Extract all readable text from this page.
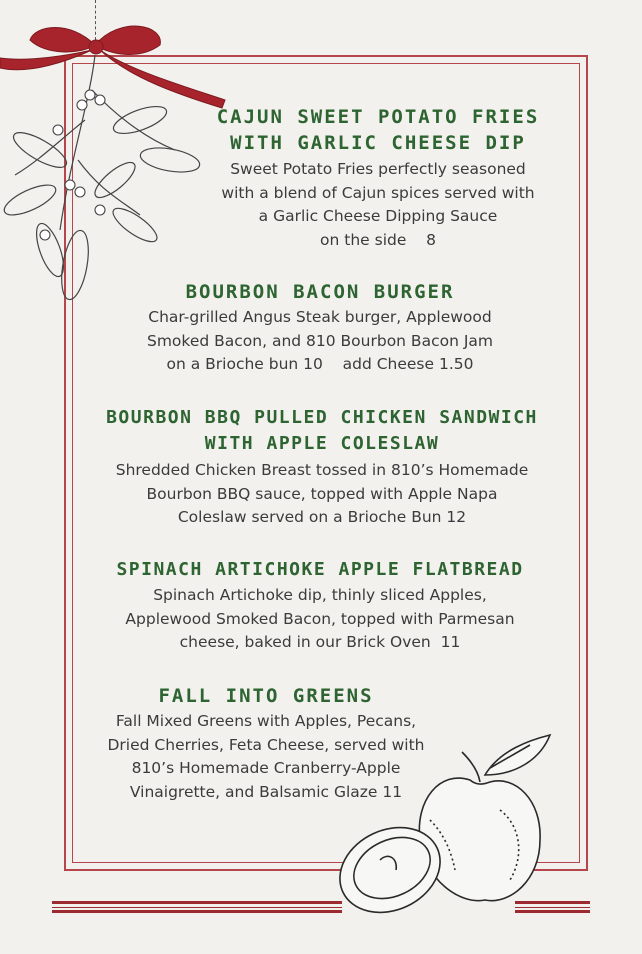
CAJUN SWEET POTATO FRIES
WITH GARLIC CHEESE DIP

Sweet Potato Fries perfectly seasoned
with a blend of Cajun spices served with
a Garlic Cheese Dipping Sauce
on the side    8

BOURBON BACON BURGER

Char-grilled Angus Steak burger, Applewood
Smoked Bacon, and 810 Bourbon Bacon Jam
on a Brioche bun 10    add Cheese 1.50

BOURBON BBQ PULLED CHICKEN SANDWICH
WITH APPLE COLESLAW

Shredded Chicken Breast tossed in 810’s Homemade
Bourbon BBQ sauce, topped with Apple Napa
Coleslaw served on a Brioche Bun 12

SPINACH ARTICHOKE APPLE FLATBREAD

Spinach Artichoke dip, thinly sliced Apples,
Applewood Smoked Bacon, topped with Parmesan
cheese, baked in our Brick Oven  11

FALL INTO GREENS

Fall Mixed Greens with Apples, Pecans,
Dried Cherries, Feta Cheese, served with
810’s Homemade Cranberry-Apple
Vinaigrette, and Balsamic Glaze 11
